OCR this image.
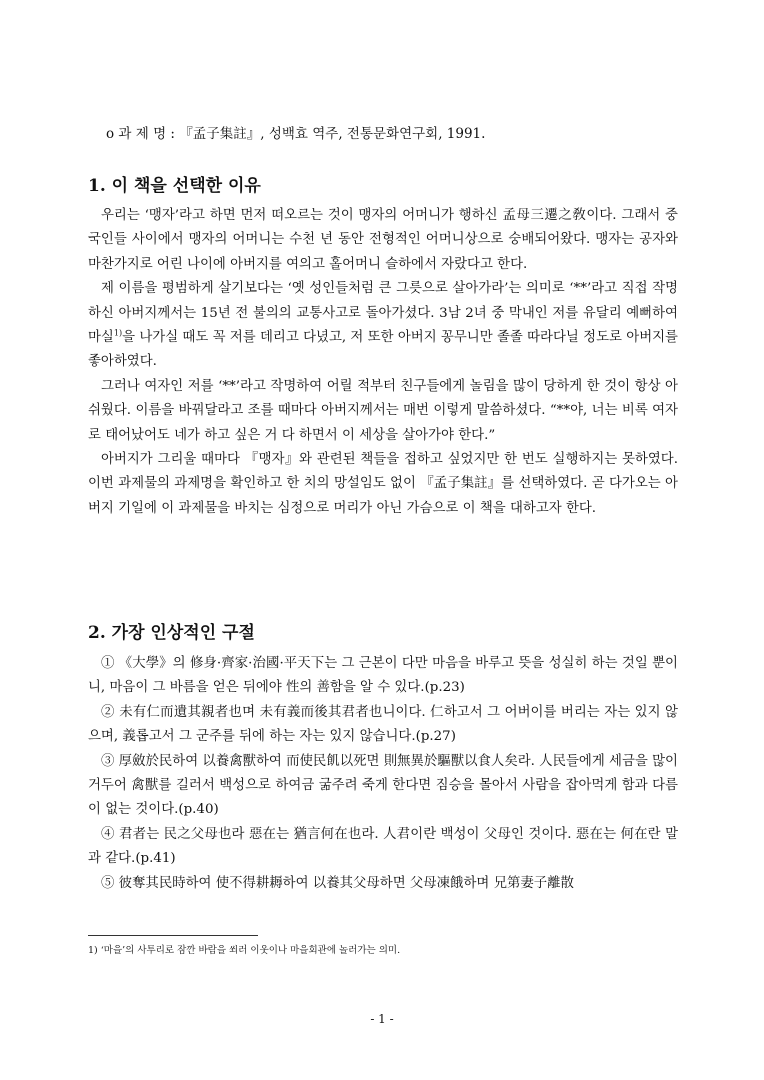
o 과 제 명 : 『孟子集註』, 성백효 역주, 전통문화연구회, 1991.
1. 이 책을 선택한 이유

우리는 ‘맹자’라고 하면 먼저 떠오르는 것이 맹자의 어머니가 행하신 孟母三遷之敎이다. 그래서 중국인들 사이에서 맹자의 어머니는 수천 년 동안 전형적인 어머니상으로 숭배되어왔다. 맹자는 공자와 마찬가지로 어린 나이에 아버지를 여의고 홀어머니 슬하에서 자랐다고 한다.

제 이름을 평범하게 살기보다는 ‘옛 성인들처럼 큰 그릇으로 살아가라’는 의미로 ‘**’라고 직접 작명하신 아버지께서는 15년 전 불의의 교통사고로 돌아가셨다. 3남 2녀 중 막내인 저를 유달리 예뻐하여 마실$^{1)}$을 나가실 때도 꼭 저를 데리고 다녔고, 저 또한 아버지 꽁무니만 졸졸 따라다닐 정도로 아버지를 좋아하였다.

그러나 여자인 저를 ‘**’라고 작명하여 어릴 적부터 친구들에게 놀림을 많이 당하게 한 것이 항상 아쉬웠다. 이름을 바꿔달라고 조를 때마다 아버지께서는 매번 이렇게 말씀하셨다. “**야, 너는 비록 여자로 태어났어도 네가 하고 싶은 거 다 하면서 이 세상을 살아가야 한다.”

아버지가 그리울 때마다 『맹자』와 관련된 책들을 접하고 싶었지만 한 번도 실행하지는 못하였다. 이번 과제물의 과제명을 확인하고 한 치의 망설임도 없이 『孟子集註』를 선택하였다. 곧 다가오는 아버지 기일에 이 과제물을 바치는 심정으로 머리가 아닌 가슴으로 이 책을 대하고자 한다.

2. 가장 인상적인 구절

① 《大學》의 修身·齊家·治國·平天下는 그 근본이 다만 마음을 바루고 뜻을 성실히 하는 것일 뿐이니, 마음이 그 바름을 얻은 뒤에야 性의 善함을 알 수 있다.(p.23)

② 未有仁而遺其親者也며 未有義而後其君者也니이다. 仁하고서 그 어버이를 버리는 자는 있지 않으며, 義롭고서 그 군주를 뒤에 하는 자는 있지 않습니다.(p.27)

③ 厚斂於民하여 以養禽獸하여 而使民飢以死면 則無異於驅獸以食人矣라. 人民들에게 세금을 많이 거두어 禽獸를 길러서 백성으로 하여금 굶주려 죽게 한다면 짐승을 몰아서 사람을 잡아먹게 함과 다름이 없는 것이다.(p.40)

④ 君者는 民之父母也라 惡在는 猶言何在也라. 人君이란 백성이 父母인 것이다. 惡在는 何在란 말과 같다.(p.41)

⑤ 彼奪其民時하여 使不得耕耨하여 以養其父母하면 父母凍餓하며 兄第妻子離散

1) ‘마을’의 사투리로 잠깐 바람을 쐬러 이웃이나 마을회관에 놀러가는 의미.
- 1 -
